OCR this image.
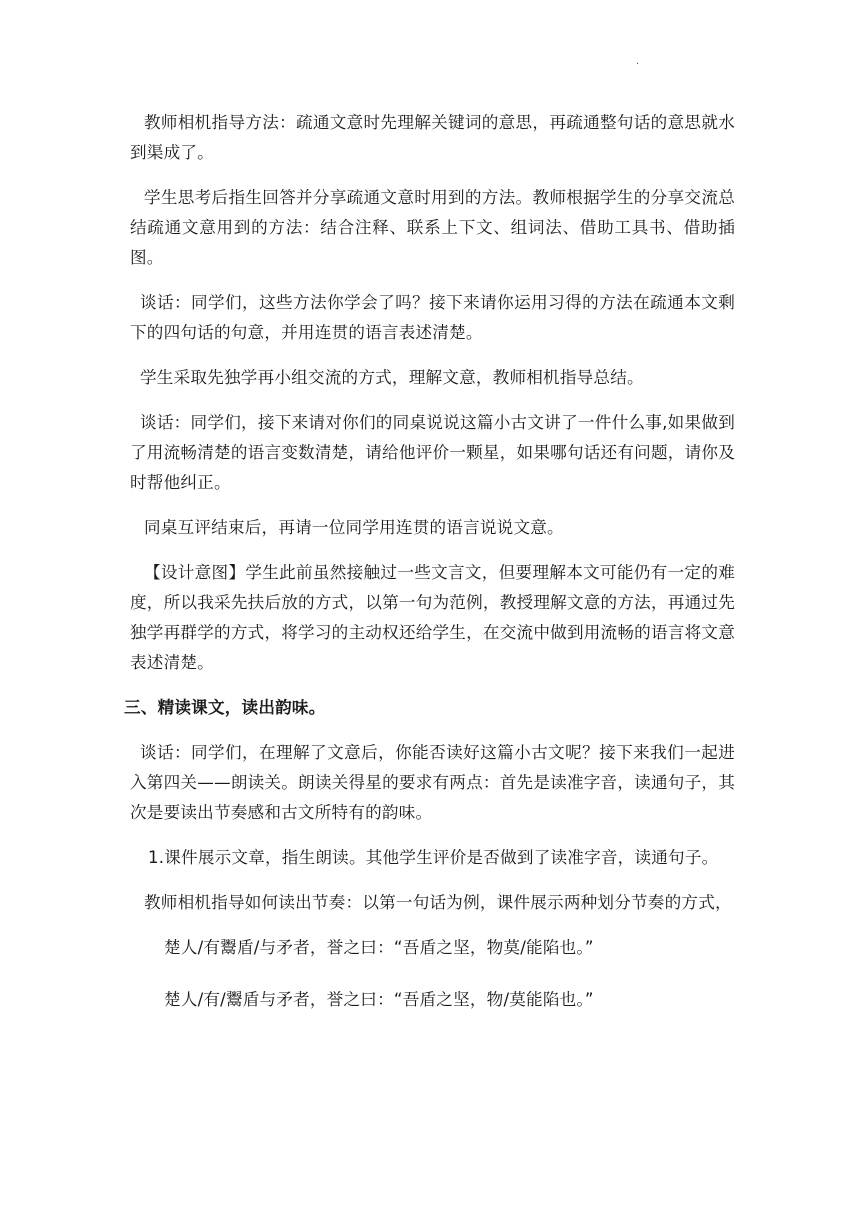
·

教师相机指导方法：疏通文意时先理解关键词的意思，再疏通整句话的意思就水到渠成了。

学生思考后指生回答并分享疏通文意时用到的方法。教师根据学生的分享交流总结疏通文意用到的方法：结合注释、联系上下文、组词法、借助工具书、借助插图。

谈话：同学们，这些方法你学会了吗？接下来请你运用习得的方法在疏通本文剩下的四句话的句意，并用连贯的语言表述清楚。

学生采取先独学再小组交流的方式，理解文意，教师相机指导总结。

谈话：同学们，接下来请对你们的同桌说说这篇小古文讲了一件什么事,如果做到了用流畅清楚的语言变数清楚，请给他评价一颗星，如果哪句话还有问题，请你及时帮他纠正。

同桌互评结束后，再请一位同学用连贯的语言说说文意。

【设计意图】学生此前虽然接触过一些文言文，但要理解本文可能仍有一定的难度，所以我采先扶后放的方式，以第一句为范例，教授理解文意的方法，再通过先独学再群学的方式，将学习的主动权还给学生，在交流中做到用流畅的语言将文意表述清楚。

三、精读课文，读出韵味。

谈话：同学们，在理解了文意后，你能否读好这篇小古文呢？接下来我们一起进入第四关——朗读关。朗读关得星的要求有两点：首先是读准字音，读通句子，其次是要读出节奏感和古文所特有的韵味。

1.课件展示文章，指生朗读。其他学生评价是否做到了读准字音，读通句子。

教师相机指导如何读出节奏：以第一句话为例，课件展示两种划分节奏的方式，

楚人/有鬻盾/与矛者，誉之曰：“吾盾之坚，物莫/能陷也。”

楚人/有/鬻盾与矛者，誉之曰：“吾盾之坚，物/莫能陷也。”
